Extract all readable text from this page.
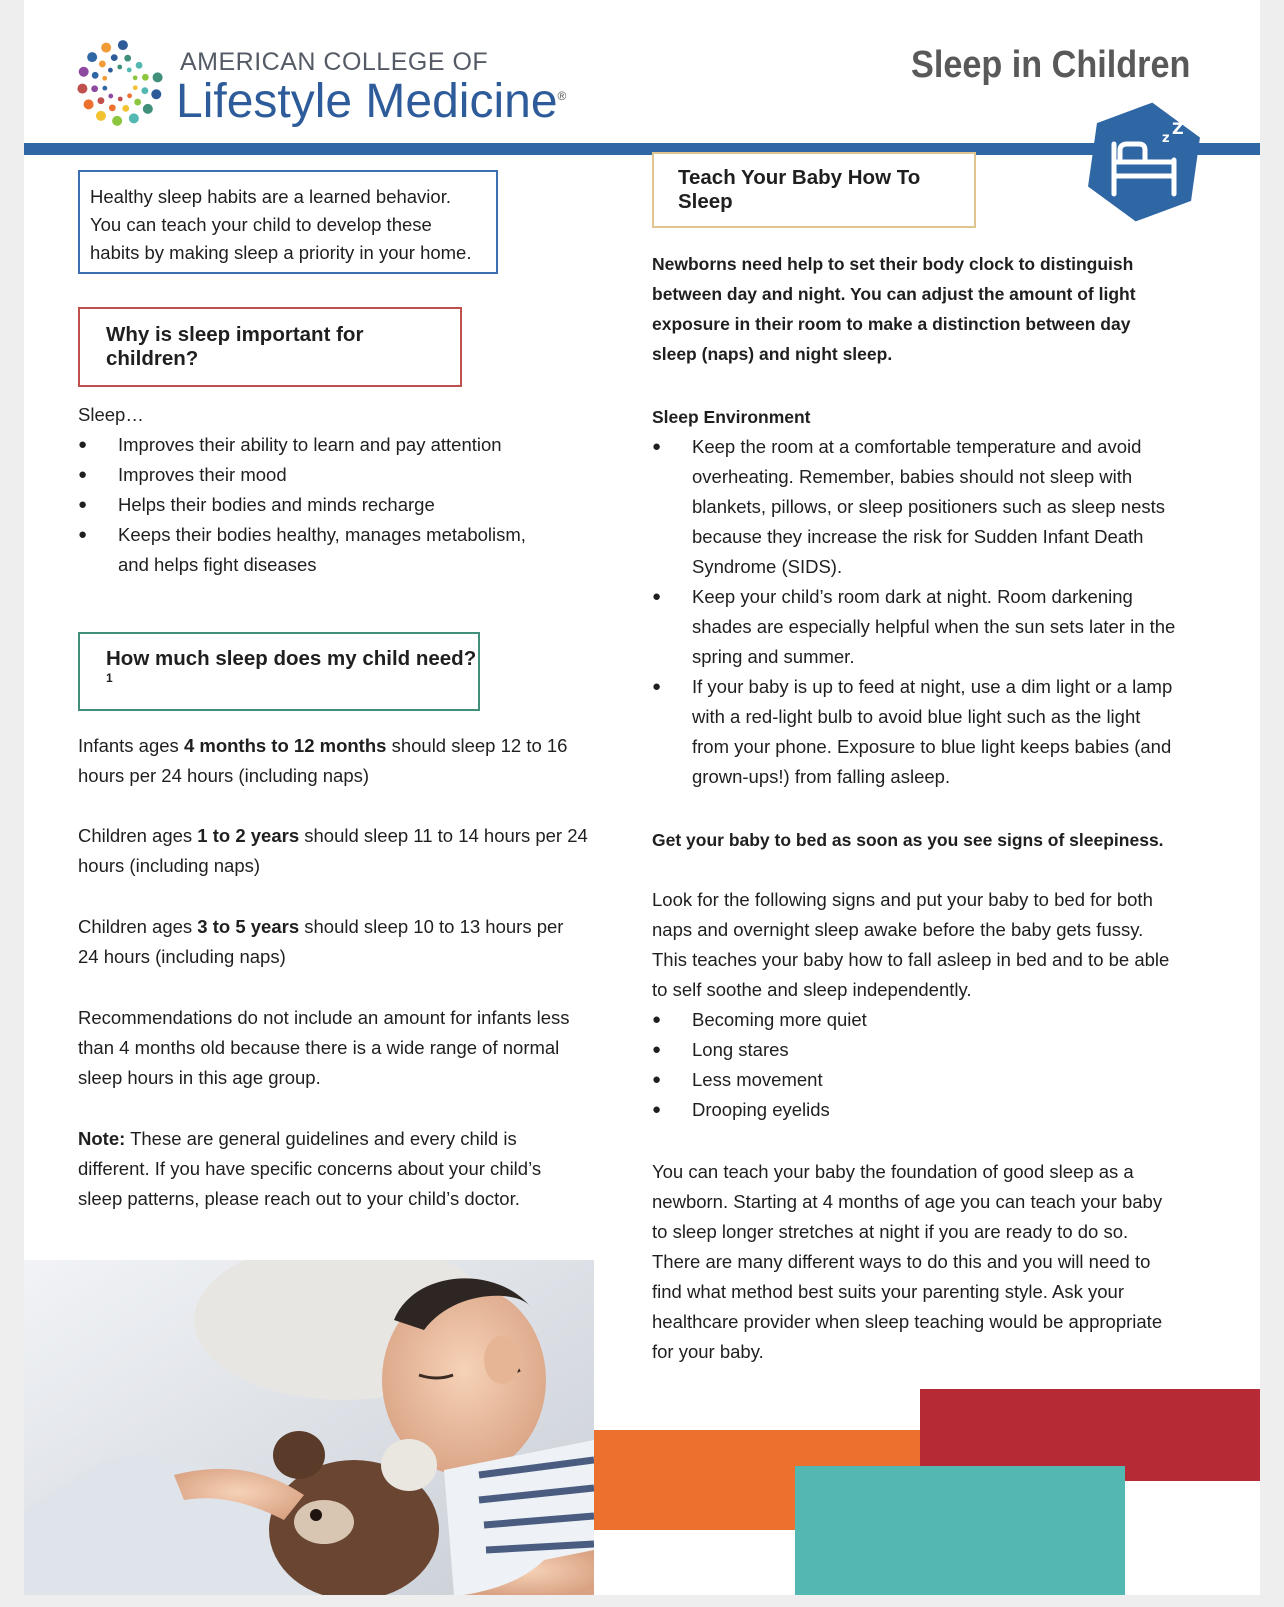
AMERICAN COLLEGE OF
Lifestyle Medicine®
Sleep in Children
z
Z
Healthy sleep habits are a learned behavior. You can teach your child to develop these habits by making sleep a priority in your home.
Why is sleep important for children?

Sleep…

● Improves their ability to learn and pay attention
● Improves their mood
● Helps their bodies and minds recharge
● Keeps their bodies healthy, manages metabolism, and helps fight diseases
How much sleep does my child need?$^1$
Infants ages 4 months to 12 months should sleep 12 to 16 hours per 24 hours (including naps)
Children ages 1 to 2 years should sleep 11 to 14 hours per 24 hours (including naps)
Children ages 3 to 5 years should sleep 10 to 13 hours per 24 hours (including naps)
Recommendations do not include an amount for infants less than 4 months old because there is a wide range of normal sleep hours in this age group.
Note: These are general guidelines and every child is different. If you have specific concerns about your child’s sleep patterns, please reach out to your child’s doctor.
Teach Your Baby How To Sleep
Newborns need help to set their body clock to distinguish between day and night. You can adjust the amount of light exposure in their room to make a distinction between day sleep (naps) and night sleep.
Sleep Environment
● Keep the room at a comfortable temperature and avoid overheating. Remember, babies should not sleep with blankets, pillows, or sleep positioners such as sleep nests because they increase the risk for Sudden Infant Death Syndrome (SIDS).
● Keep your child’s room dark at night. Room darkening shades are especially helpful when the sun sets later in the spring and summer.
● If your baby is up to feed at night, use a dim light or a lamp with a red-light bulb to avoid blue light such as the light from your phone. Exposure to blue light keeps babies (and grown-ups!) from falling asleep.
Get your baby to bed as soon as you see signs of sleepiness.

Look for the following signs and put your baby to bed for both naps and overnight sleep awake before the baby gets fussy. This teaches your baby how to fall asleep in bed and to be able to self soothe and sleep independently.

● Becoming more quiet
● Long stares
● Less movement
● Drooping eyelids
You can teach your baby the foundation of good sleep as a newborn. Starting at 4 months of age you can teach your baby to sleep longer stretches at night if you are ready to do so. There are many different ways to do this and you will need to find what method best suits your parenting style. Ask your healthcare provider when sleep teaching would be appropriate for your baby.
